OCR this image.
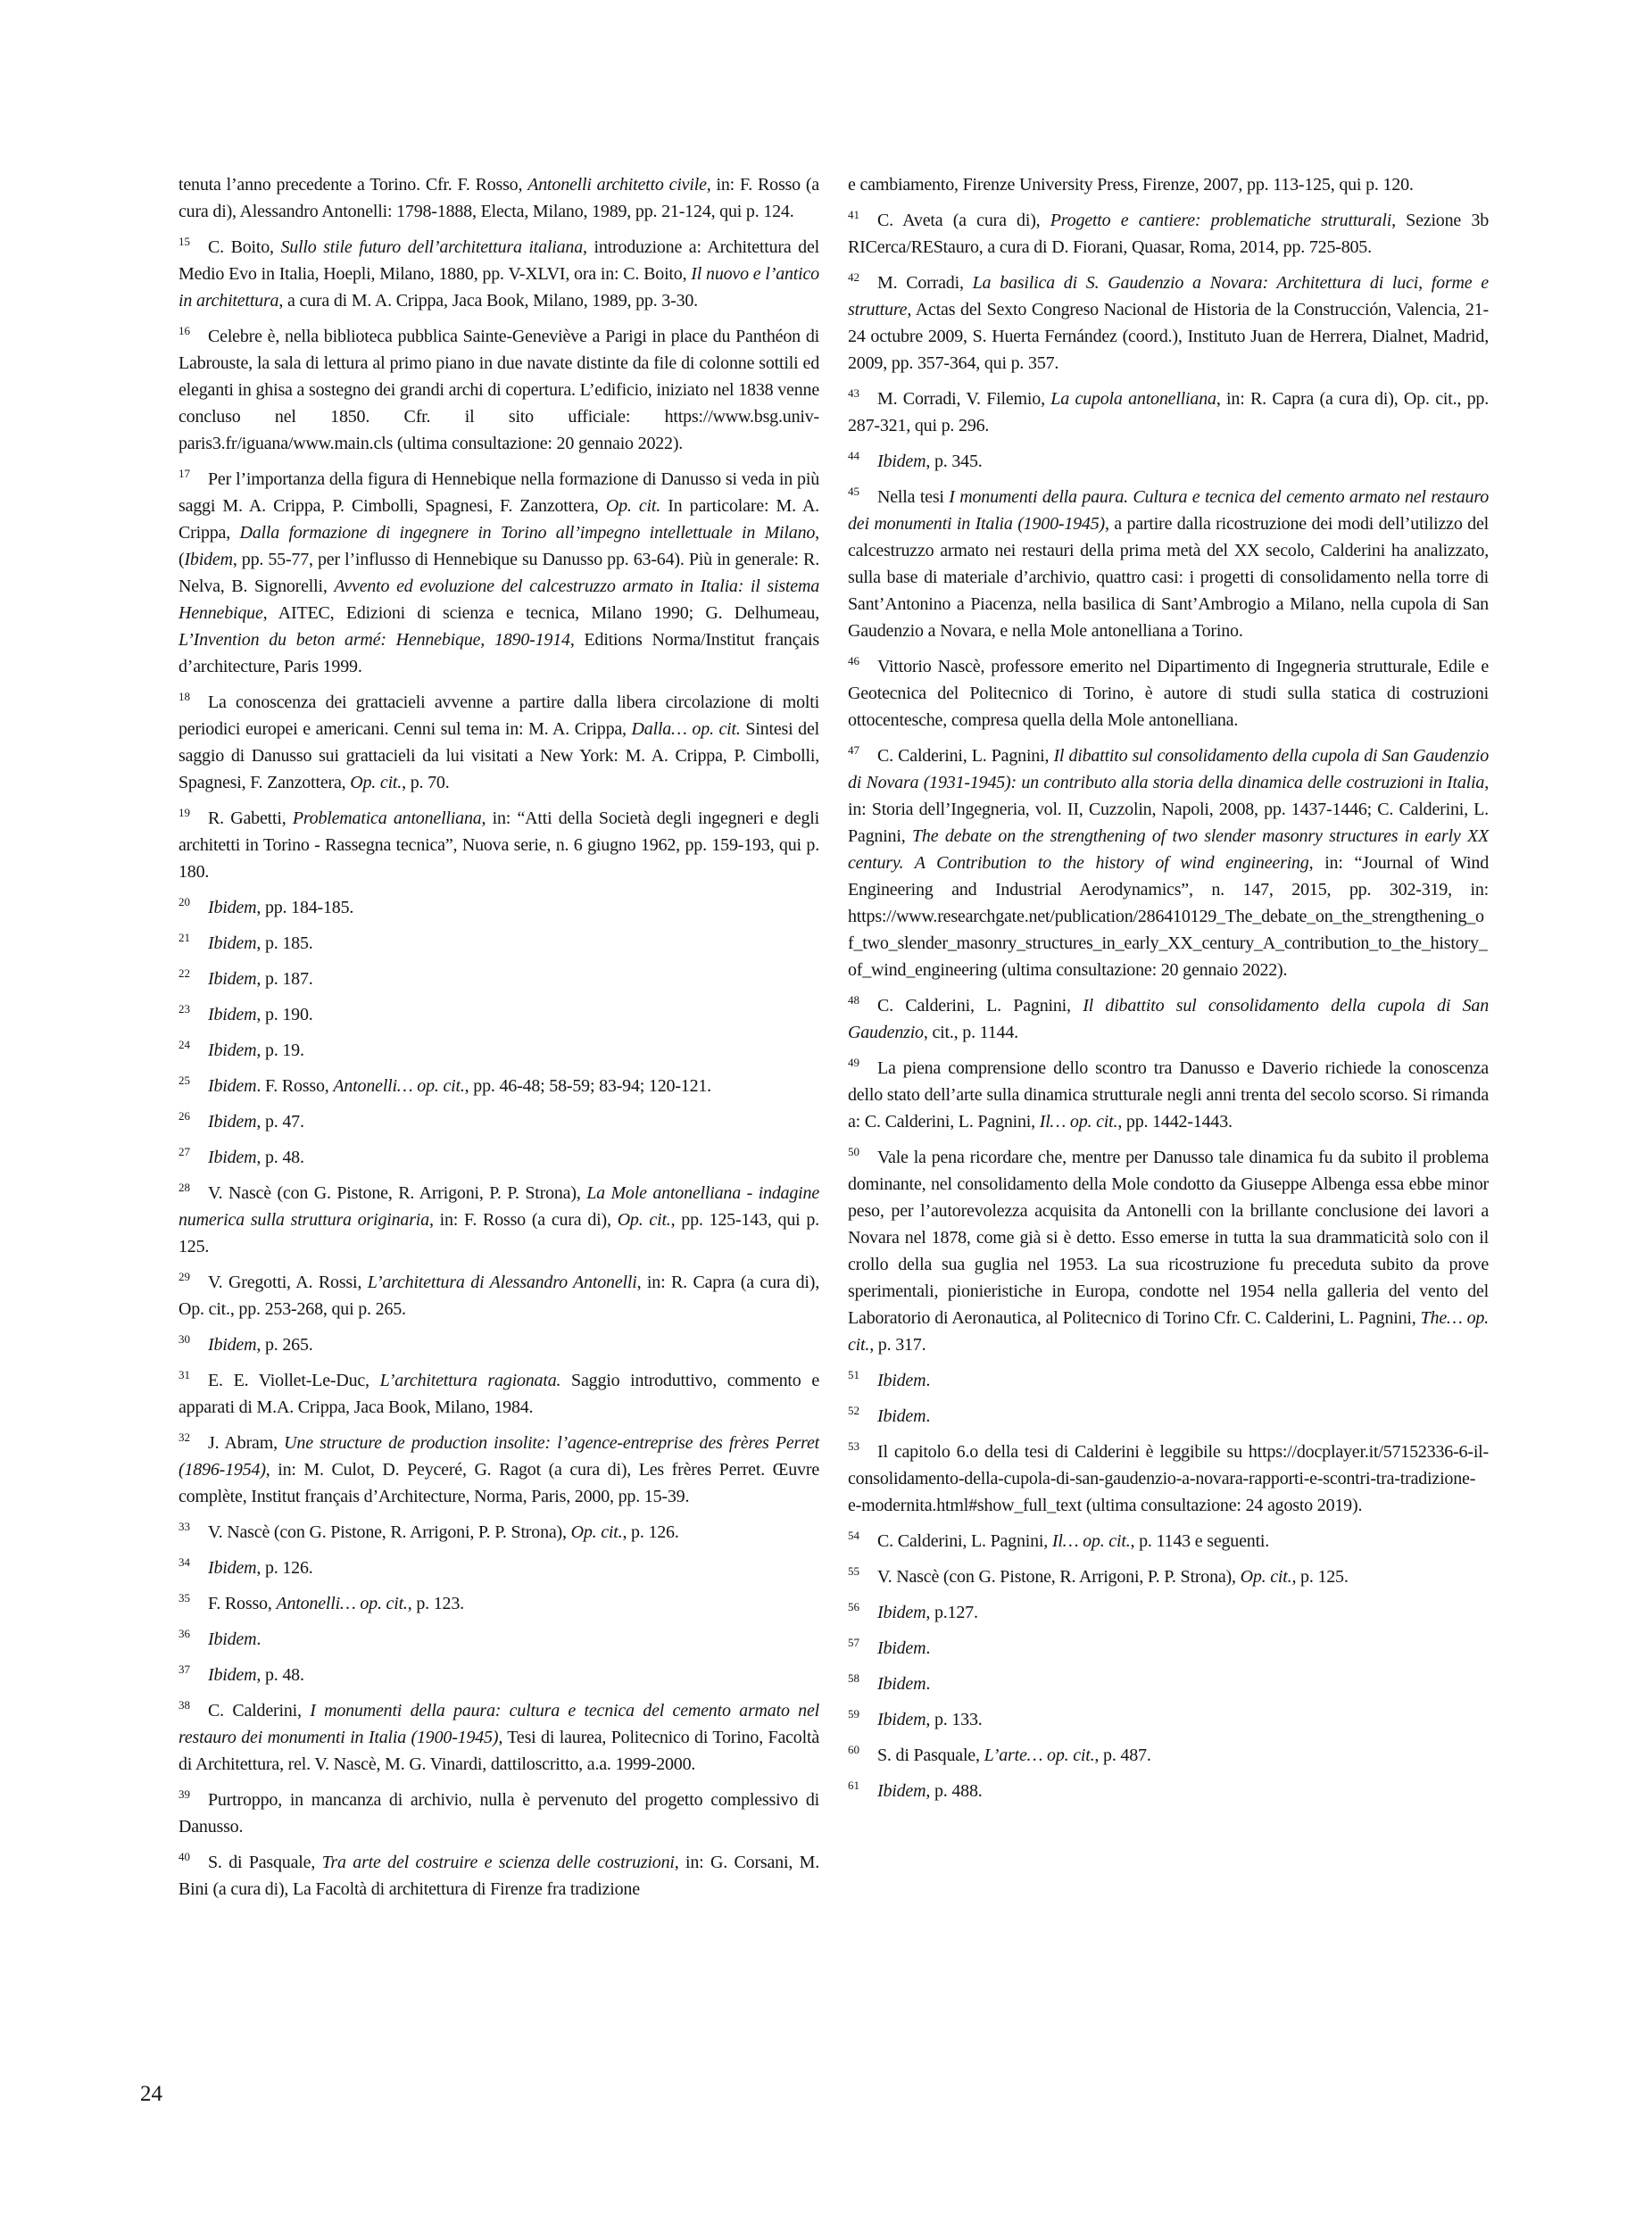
tenuta l’anno precedente a Torino. Cfr. F. Rosso, Antonelli architetto civile, in: F. Rosso (a cura di), Alessandro Antonelli: 1798-1888, Electa, Milano, 1989, pp. 21-124, qui p. 124.

$^{15}$ C. Boito, Sullo stile futuro dell’architettura italiana, introduzione a: Architettura del Medio Evo in Italia, Hoepli, Milano, 1880, pp. V-XLVI, ora in: C. Boito, Il nuovo e l’antico in architettura, a cura di M. A. Crippa, Jaca Book, Milano, 1989, pp. 3-30.

$^{16}$ Celebre è, nella biblioteca pubblica Sainte-Geneviève a Parigi in place du Panthéon di Labrouste, la sala di lettura al primo piano in due navate distinte da file di colonne sottili ed eleganti in ghisa a sostegno dei grandi archi di copertura. L’edificio, iniziato nel 1838 venne concluso nel 1850. Cfr. il sito ufficiale: https://www.bsg.univ-paris3.fr/iguana/www.main.cls (ultima consultazione: 20 gennaio 2022).

$^{17}$ Per l’importanza della figura di Hennebique nella formazione di Danusso si veda in più saggi M. A. Crippa, P. Cimbolli, Spagnesi, F. Zanzottera, Op. cit. In particolare: M. A. Crippa, Dalla formazione di ingegnere in Torino all’impegno intellettuale in Milano, (Ibidem, pp. 55-77, per l’influsso di Hennebique su Danusso pp. 63-64). Più in generale: R. Nelva, B. Signorelli, Avvento ed evoluzione del calcestruzzo armato in Italia: il sistema Hennebique, AITEC, Edizioni di scienza e tecnica, Milano 1990; G. Delhumeau, L’Invention du beton armé: Hennebique, 1890-1914, Editions Norma/Institut français d’architecture, Paris 1999.

$^{18}$ La conoscenza dei grattacieli avvenne a partire dalla libera circolazione di molti periodici europei e americani. Cenni sul tema in: M. A. Crippa, Dalla… op. cit. Sintesi del saggio di Danusso sui grattacieli da lui visitati a New York: M. A. Crippa, P. Cimbolli, Spagnesi, F. Zanzottera, Op. cit., p. 70.

$^{19}$ R. Gabetti, Problematica antonelliana, in: “Atti della Società degli ingegneri e degli architetti in Torino - Rassegna tecnica”, Nuova serie, n. 6 giugno 1962, pp. 159-193, qui p. 180.

$^{20}$ Ibidem, pp. 184-185.

$^{21}$ Ibidem, p. 185.

$^{22}$ Ibidem, p. 187.

$^{23}$ Ibidem, p. 190.

$^{24}$ Ibidem, p. 19.

$^{25}$ Ibidem. F. Rosso, Antonelli… op. cit., pp. 46-48; 58-59; 83-94; 120-121.

$^{26}$ Ibidem, p. 47.

$^{27}$ Ibidem, p. 48.

$^{28}$ V. Nascè (con G. Pistone, R. Arrigoni, P. P. Strona), La Mole antonelliana - indagine numerica sulla struttura originaria, in: F. Rosso (a cura di), Op. cit., pp. 125-143, qui p. 125.

$^{29}$ V. Gregotti, A. Rossi, L’architettura di Alessandro Antonelli, in: R. Capra (a cura di), Op. cit., pp. 253-268, qui p. 265.

$^{30}$ Ibidem, p. 265.

$^{31}$ E. E. Viollet-Le-Duc, L’architettura ragionata. Saggio introduttivo, commento e apparati di M.A. Crippa, Jaca Book, Milano, 1984.

$^{32}$ J. Abram, Une structure de production insolite: l’agence-entreprise des frères Perret (1896-1954), in: M. Culot, D. Peyceré, G. Ragot (a cura di), Les frères Perret. Œuvre complète, Institut français d’Architecture, Norma, Paris, 2000, pp. 15-39.

$^{33}$ V. Nascè (con G. Pistone, R. Arrigoni, P. P. Strona), Op. cit., p. 126.

$^{34}$ Ibidem, p. 126.

$^{35}$ F. Rosso, Antonelli… op. cit., p. 123.

$^{36}$ Ibidem.

$^{37}$ Ibidem, p. 48.

$^{38}$ C. Calderini, I monumenti della paura: cultura e tecnica del cemento armato nel restauro dei monumenti in Italia (1900-1945), Tesi di laurea, Politecnico di Torino, Facoltà di Architettura, rel. V. Nascè, M. G. Vinardi, dattiloscritto, a.a. 1999-2000.

$^{39}$ Purtroppo, in mancanza di archivio, nulla è pervenuto del progetto complessivo di Danusso.

$^{40}$ S. di Pasquale, Tra arte del costruire e scienza delle costruzioni, in: G. Corsani, M. Bini (a cura di), La Facoltà di architettura di Firenze fra tradizione

e cambiamento, Firenze University Press, Firenze, 2007, pp. 113-125, qui p. 120.

$^{41}$ C. Aveta (a cura di), Progetto e cantiere: problematiche strutturali, Sezione 3b RICerca/REStauro, a cura di D. Fiorani, Quasar, Roma, 2014, pp. 725-805.

$^{42}$ M. Corradi, La basilica di S. Gaudenzio a Novara: Architettura di luci, forme e strutture, Actas del Sexto Congreso Nacional de Historia de la Construcción, Valencia, 21-24 octubre 2009, S. Huerta Fernández (coord.), Instituto Juan de Herrera, Dialnet, Madrid, 2009, pp. 357-364, qui p. 357.

$^{43}$ M. Corradi, V. Filemio, La cupola antonelliana, in: R. Capra (a cura di), Op. cit., pp. 287-321, qui p. 296.

$^{44}$ Ibidem, p. 345.

$^{45}$ Nella tesi I monumenti della paura. Cultura e tecnica del cemento armato nel restauro dei monumenti in Italia (1900-1945), a partire dalla ricostruzione dei modi dell’utilizzo del calcestruzzo armato nei restauri della prima metà del XX secolo, Calderini ha analizzato, sulla base di materiale d’archivio, quattro casi: i progetti di consolidamento nella torre di Sant’Antonino a Piacenza, nella basilica di Sant’Ambrogio a Milano, nella cupola di San Gaudenzio a Novara, e nella Mole antonelliana a Torino.

$^{46}$ Vittorio Nascè, professore emerito nel Dipartimento di Ingegneria strutturale, Edile e Geotecnica del Politecnico di Torino, è autore di studi sulla statica di costruzioni ottocentesche, compresa quella della Mole antonelliana.

$^{47}$ C. Calderini, L. Pagnini, Il dibattito sul consolidamento della cupola di San Gaudenzio di Novara (1931-1945): un contributo alla storia della dinamica delle costruzioni in Italia, in: Storia dell’Ingegneria, vol. II, Cuzzolin, Napoli, 2008, pp. 1437-1446; C. Calderini, L. Pagnini, The debate on the strengthening of two slender masonry structures in early XX century. A Contribution to the history of wind engineering, in: “Journal of Wind Engineering and Industrial Aerodynamics”, n. 147, 2015, pp. 302-319, in: https://www.researchgate.net/publication/286410129_The_debate_on_the_strengthening_of_two_slender_masonry_structures_in_early_XX_century_A_contribution_to_the_history_of_wind_engineering (ultima consultazione: 20 gennaio 2022).

$^{48}$ C. Calderini, L. Pagnini, Il dibattito sul consolidamento della cupola di San Gaudenzio, cit., p. 1144.

$^{49}$ La piena comprensione dello scontro tra Danusso e Daverio richiede la conoscenza dello stato dell’arte sulla dinamica strutturale negli anni trenta del secolo scorso. Si rimanda a: C. Calderini, L. Pagnini, Il… op. cit., pp. 1442-1443.

$^{50}$ Vale la pena ricordare che, mentre per Danusso tale dinamica fu da subito il problema dominante, nel consolidamento della Mole condotto da Giuseppe Albenga essa ebbe minor peso, per l’autorevolezza acquisita da Antonelli con la brillante conclusione dei lavori a Novara nel 1878, come già si è detto. Esso emerse in tutta la sua drammaticità solo con il crollo della sua guglia nel 1953. La sua ricostruzione fu preceduta subito da prove sperimentali, pionieristiche in Europa, condotte nel 1954 nella galleria del vento del Laboratorio di Aeronautica, al Politecnico di Torino Cfr. C. Calderini, L. Pagnini, The… op. cit., p. 317.

$^{51}$ Ibidem.

$^{52}$ Ibidem.

$^{53}$ Il capitolo 6.o della tesi di Calderini è leggibile su https://docplayer.it/57152336-6-il-consolidamento-della-cupola-di-san-gaudenzio-a-novara-rapporti-e-scontri-tra-tradizione-e-modernita.html#show_full_text (ultima consultazione: 24 agosto 2019).

$^{54}$ C. Calderini, L. Pagnini, Il… op. cit., p. 1143 e seguenti.

$^{55}$ V. Nascè (con G. Pistone, R. Arrigoni, P. P. Strona), Op. cit., p. 125.

$^{56}$ Ibidem, p.127.

$^{57}$ Ibidem.

$^{58}$ Ibidem.

$^{59}$ Ibidem, p. 133.

$^{60}$ S. di Pasquale, L’arte… op. cit., p. 487.

$^{61}$ Ibidem, p. 488.

24
